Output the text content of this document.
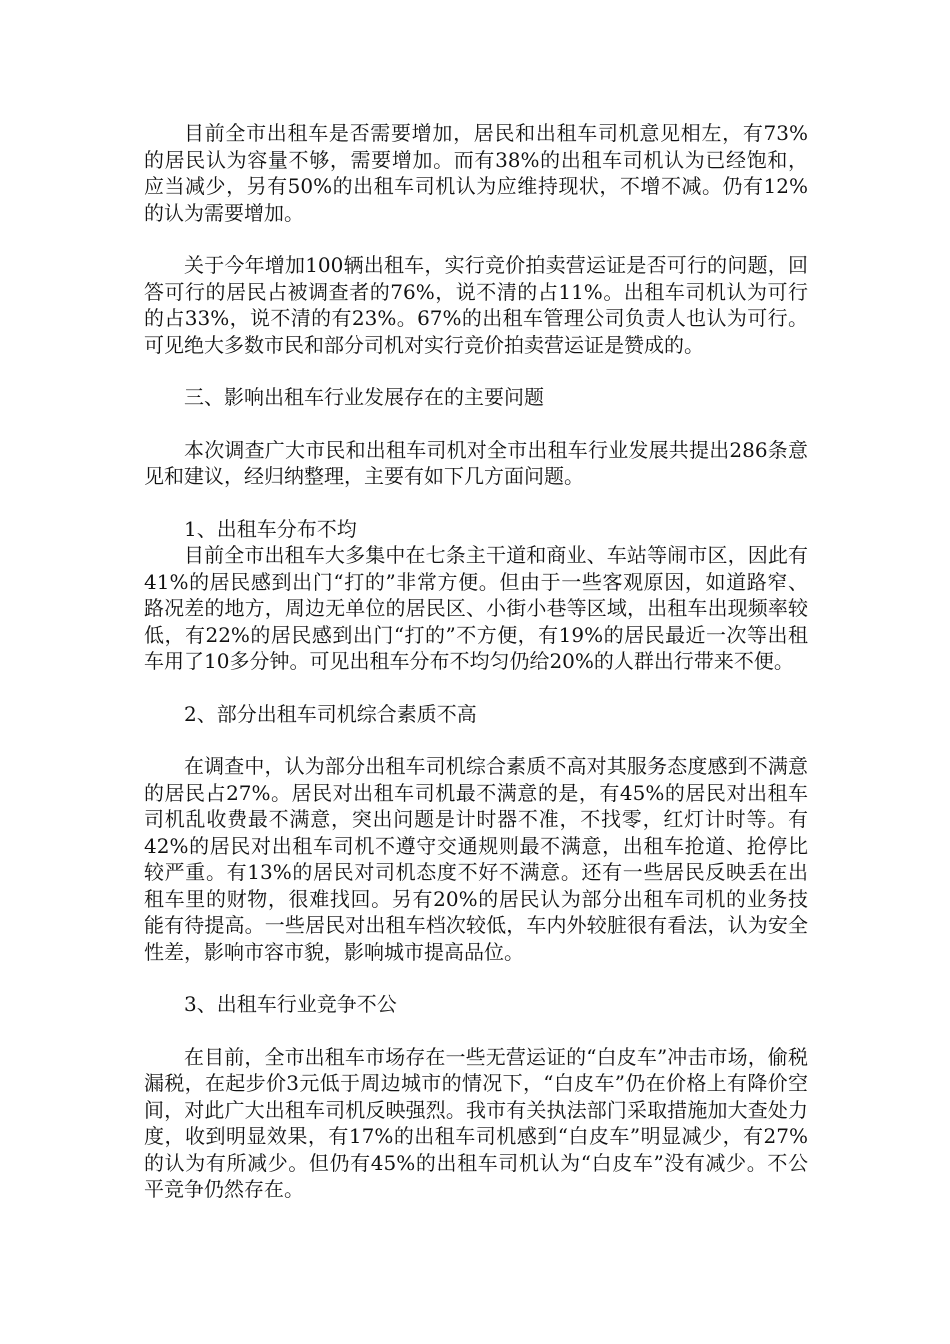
目前全市出租车是否需要增加，居民和出租车司机意见相左，有73%的居民认为容量不够，需要增加。而有38%的出租车司机认为已经饱和，应当减少，另有50%的出租车司机认为应维持现状，不增不减。仍有12%的认为需要增加。

关于今年增加100辆出租车，实行竞价拍卖营运证是否可行的问题，回答可行的居民占被调查者的76%，说不清的占11%。出租车司机认为可行的占33%，说不清的有23%。67%的出租车管理公司负责人也认为可行。可见绝大多数市民和部分司机对实行竞价拍卖营运证是赞成的。

三、影响出租车行业发展存在的主要问题

本次调查广大市民和出租车司机对全市出租车行业发展共提出286条意见和建议，经归纳整理，主要有如下几方面问题。

1、出租车分布不均

目前全市出租车大多集中在七条主干道和商业、车站等闹市区，因此有41%的居民感到出门“打的”非常方便。但由于一些客观原因，如道路窄、路况差的地方，周边无单位的居民区、小街小巷等区域，出租车出现频率较低，有22%的居民感到出门“打的”不方便，有19%的居民最近一次等出租车用了10多分钟。可见出租车分布不均匀仍给20%的人群出行带来不便。

2、部分出租车司机综合素质不高

在调查中，认为部分出租车司机综合素质不高对其服务态度感到不满意的居民占27%。居民对出租车司机最不满意的是，有45%的居民对出租车司机乱收费最不满意，突出问题是计时器不准，不找零，红灯计时等。有42%的居民对出租车司机不遵守交通规则最不满意，出租车抢道、抢停比较严重。有13%的居民对司机态度不好不满意。还有一些居民反映丢在出租车里的财物，很难找回。另有20%的居民认为部分出租车司机的业务技能有待提高。一些居民对出租车档次较低，车内外较脏很有看法，认为安全性差，影响市容市貌，影响城市提高品位。

3、出租车行业竞争不公

在目前，全市出租车市场存在一些无营运证的“白皮车”冲击市场，偷税漏税，在起步价3元低于周边城市的情况下，“白皮车”仍在价格上有降价空间，对此广大出租车司机反映强烈。我市有关执法部门采取措施加大查处力度，收到明显效果，有17%的出租车司机感到“白皮车”明显减少，有27%的认为有所减少。但仍有45%的出租车司机认为“白皮车”没有减少。不公平竞争仍然存在。
